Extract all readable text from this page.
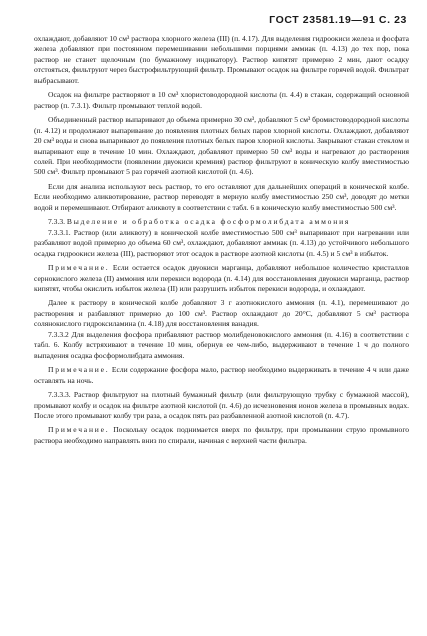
ГОСТ 23581.19—91 С. 23

охлаждают, добавляют 10 см³ раствора хлорного железа (III) (п. 4.17). Для выделения гидроокиси железа и фосфата железа добавляют при постоянном перемешивании небольшими порциями аммиак (п. 4.13) до тех пор, пока раствор не станет щелочным (по бумажному индикатору). Раствор кипятят примерно 2 мин, дают осадку отстояться, фильтруют через быстрофильтрующий фильтр. Промывают осадок на фильтре горячей водой. Фильтрат выбрасывают.

Осадок на фильтре растворяют в 10 см³ хлористоводородной кислоты (п. 4.4) в стакан, содержащий основной раствор (п. 7.3.1). Фильтр промывают теплой водой.

Объединенный раствор выпаривают до объема примерно 30 см³, добавляют 5 см³ бромистоводородной кислоты (п. 4.12) и продолжают выпаривание до появления плотных белых паров хлорной кислоты. Охлаждают, добавляют 20 см³ воды и снова выпаривают до появления плотных белых паров хлорной кислоты. Закрывают стакан стеклом и выпаривают еще в течение 10 мин. Охлаждают, добавляют примерно 50 см³ воды и нагревают до растворения солей. При необходимости (появлении двуокиси кремния) раствор фильтруют в коническую колбу вместимостью 500 см³. Фильтр промывают 5 раз горячей азотной кислотой (п. 4.6).

Если для анализа используют весь раствор, то его оставляют для дальнейших операций в конической колбе. Если необходимо аликвотирование, раствор переводят в мерную колбу вместимостью 250 см³, доводят до метки водой и перемешивают. Отбирают аликвоту в соответствии с табл. 6 в коническую колбу вместимостью 500 см³.

7.3.3. Выделение и обработка осадка фосформолибдата аммония

7.3.3.1. Раствор (или аликвоту) в конической колбе вместимостью 500 см³ выпаривают при нагревании или разбавляют водой примерно до объема 60 см³, охлаждают, добавляют аммиак (п. 4.13) до устойчивого небольшого осадка гидроокиси железа (III), растворяют этот осадок в растворе азотной кислоты (п. 4.5) и 5 см³ в избыток.

Примечание. Если остается осадок двуокиси марганца, добавляют небольшое количество кристаллов сернокислого железа (II) аммония или перекиси водорода (п. 4.14) для восстановления двуокиси марганца, раствор кипятят, чтобы окислить избыток железа (II) или разрушить избыток перекиси водорода, и охлаждают.

Далее к раствору в конической колбе добавляют 3 г азотнокислого аммония (п. 4.1), перемешивают до растворения и разбавляют примерно до 100 см³. Раствор охлаждают до 20°C, добавляют 5 см³ раствора солянокислого гидроксиламина (п. 4.18) для восстановления ванадия.

7.3.3.2 Для выделения фосфора прибавляют раствор молибденовокислого аммония (п. 4.16) в соответствии с табл. 6. Колбу встряхивают в течение 10 мин, обернув ее чем-либо, выдерживают в течение 1 ч до полного выпадения осадка фосформолибдата аммония.

Примечание. Если содержание фосфора мало, раствор необходимо выдерживать в течение 4 ч или даже оставлять на ночь.

7.3.3.3. Раствор фильтруют на плотный бумажный фильтр (или фильтрующую трубку с бумажной массой), промывают колбу и осадок на фильтре азотной кислотой (п. 4.6) до исчезновения ионов железа в промывных водах. После этого промывают колбу три раза, а осадок пять раз разбавленной азотной кислотой (п. 4.7).

Примечание. Поскольку осадок поднимается вверх по фильтру, при промывании струю промывного раствора необходимо направлять вниз по спирали, начиная с верхней части фильтра.
